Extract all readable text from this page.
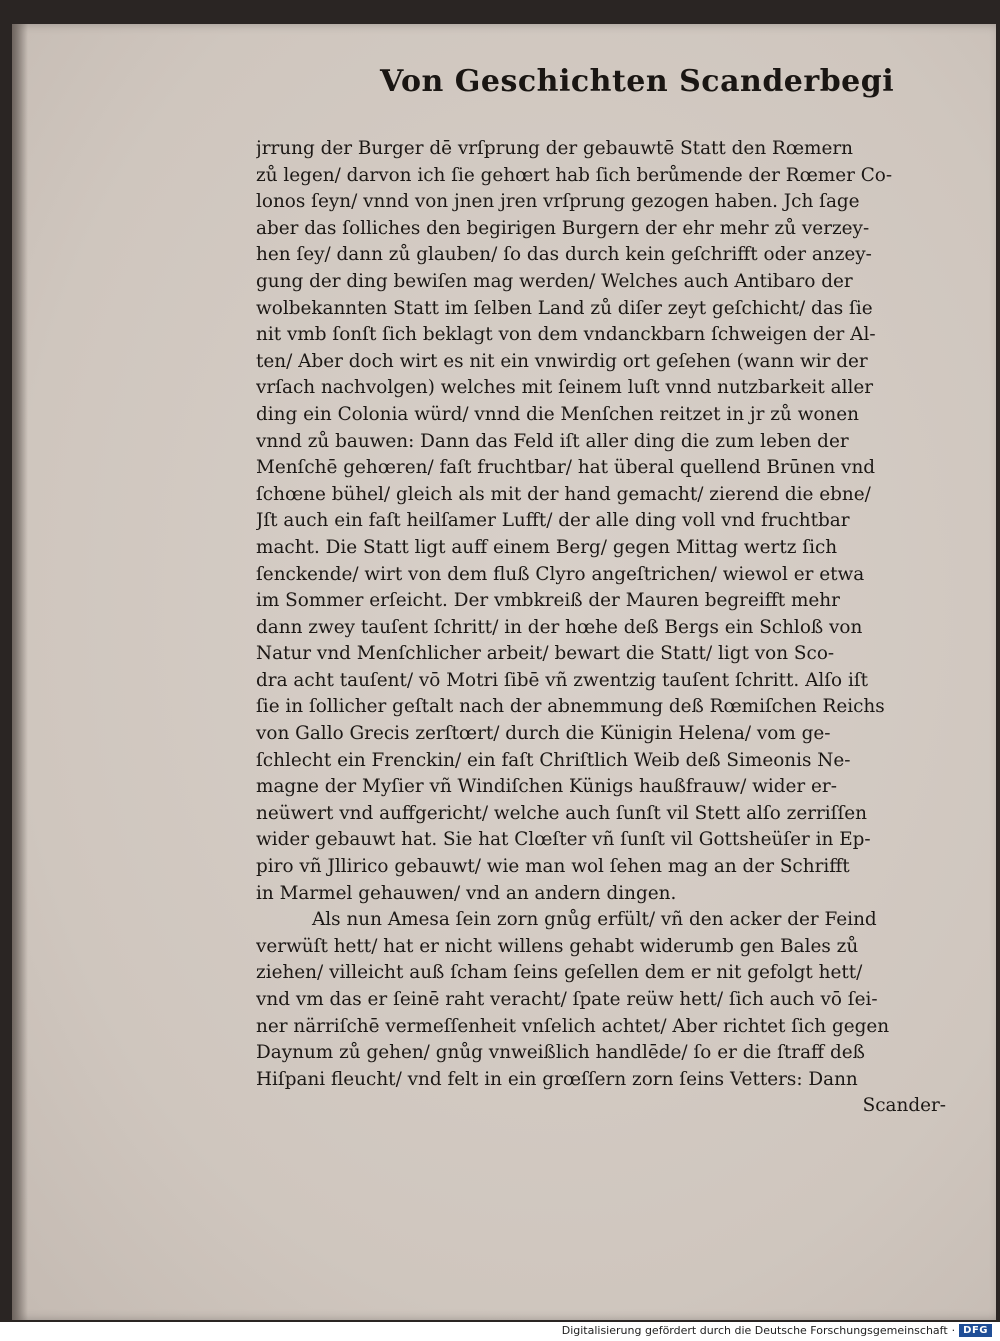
Von Geschichten Scanderbegi
jrrung der Burger dē vrſprung der gebauwtē Statt den Rœmern
zů legen/ darvon ich ſie gehœrt hab ſich berůmende der Rœmer Co-
lonos ſeyn/ vnnd von jnen jren vrſprung gezogen haben. Jch ſage
aber das ſolliches den begirigen Burgern der ehr mehr zů verzey-
hen ſey/ dann zů glauben/ ſo das durch kein geſchrifft oder anzey-
gung der ding bewiſen mag werden/ Welches auch Antibaro der
wolbekannten Statt im ſelben Land zů diſer zeyt geſchicht/ das ſie
nit vmb ſonſt ſich beklagt von dem vndanckbarn ſchweigen der Al-
ten/ Aber doch wirt es nit ein vnwirdig ort geſehen (wann wir der
vrſach nachvolgen) welches mit ſeinem luſt vnnd nutzbarkeit aller
ding ein Colonia würd/ vnnd die Menſchen reitzet in jr zů wonen
vnnd zů bauwen: Dann das Feld iſt aller ding die zum leben der
Menſchē gehœren/ faſt fruchtbar/ hat überal quellend Brūnen vnd
ſchœne bühel/ gleich als mit der hand gemacht/ zierend die ebne/
Jſt auch ein faſt heilſamer Lufft/ der alle ding voll vnd fruchtbar
macht. Die Statt ligt auff einem Berg/ gegen Mittag wertz ſich
ſenckende/ wirt von dem fluß Clyro angeſtrichen/ wiewol er etwa
im Sommer erſeicht. Der vmbkreiß der Mauren begreifft mehr
dann zwey tauſent ſchritt/ in der hœhe deß Bergs ein Schloß von
Natur vnd Menſchlicher arbeit/ bewart die Statt/ ligt von Sco-
dra acht tauſent/ vō Motri ſibē vñ zwentzig tauſent ſchritt. Alſo iſt
ſie in ſollicher geſtalt nach der abnemmung deß Rœmiſchen Reichs
von Gallo Grecis zerſtœrt/ durch die Künigin Helena/ vom ge-
ſchlecht ein Frenckin/ ein faſt Chriſtlich Weib deß Simeonis Ne-
magne der Myſier vñ Windiſchen Künigs haußfrauw/ wider er-
neüwert vnd auffgericht/ welche auch ſunſt vil Stett alſo zerriſſen
wider gebauwt hat. Sie hat Clœſter vñ ſunſt vil Gottsheüſer in Ep-
piro vñ Jllirico gebauwt/ wie man wol ſehen mag an der Schrifft
in Marmel gehauwen/ vnd an andern dingen.
Als nun Amesa ſein zorn gnůg erfült/ vñ den acker der Feind
verwüſt hett/ hat er nicht willens gehabt widerumb gen Bales zů
ziehen/ villeicht auß ſcham ſeins geſellen dem er nit gefolgt hett/
vnd vm das er ſeinē raht veracht/ ſpate reüw hett/ ſich auch vō ſei-
ner närriſchē vermeſſenheit vnſelich achtet/ Aber richtet ſich gegen
Daynum zů gehen/ gnůg vnweißlich handlēde/ ſo er die ſtraff deß
Hiſpani fleucht/ vnd felt in ein grœſſern zorn ſeins Vetters: Dann
Scander-
Digitalisierung gefördert durch die Deutsche Forschungsgemeinschaft · DFG
